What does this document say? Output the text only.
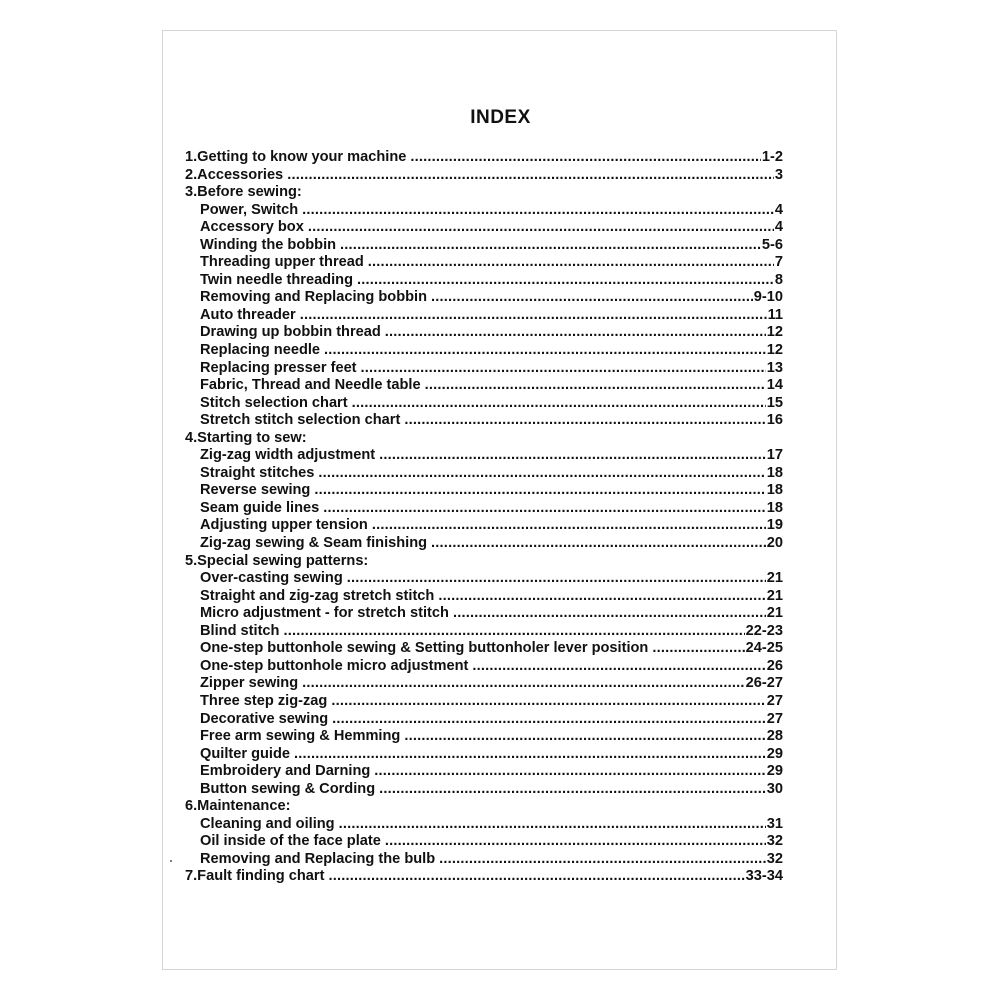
INDEX
1.Getting to know your machine .....	1-2
2.Accessories .....	3
3.Before sewing:
Power, Switch .....	4
Accessory box .....	4
Winding the bobbin .....	5-6
Threading upper thread .....	7
Twin needle threading .....	8
Removing and Replacing bobbin .....	9-10
Auto threader .....	11
Drawing up bobbin thread .....	12
Replacing needle .....	12
Replacing presser feet .....	13
Fabric, Thread and Needle table .....	14
Stitch selection chart .....	15
Stretch stitch selection chart .....	16
4.Starting to sew:
Zig-zag width adjustment .....	17
Straight stitches .....	18
Reverse sewing .....	18
Seam guide lines .....	18
Adjusting upper tension .....	19
Zig-zag sewing & Seam finishing .....	20
5.Special sewing patterns:
Over-casting sewing .....	21
Straight and zig-zag stretch stitch .....	21
Micro adjustment - for stretch stitch .....	21
Blind stitch .....	22-23
One-step buttonhole sewing & Setting buttonholer lever position .....	24-25
One-step buttonhole micro adjustment .....	26
Zipper sewing .....	26-27
Three step zig-zag .....	27
Decorative sewing .....	27
Free arm sewing & Hemming .....	28
Quilter guide .....	29
Embroidery and Darning .....	29
Button sewing & Cording .....	30
6.Maintenance:
Cleaning and oiling .....	31
Oil inside of the face plate .....	32
Removing and Replacing the bulb .....	32
7.Fault finding chart .....	33-34
